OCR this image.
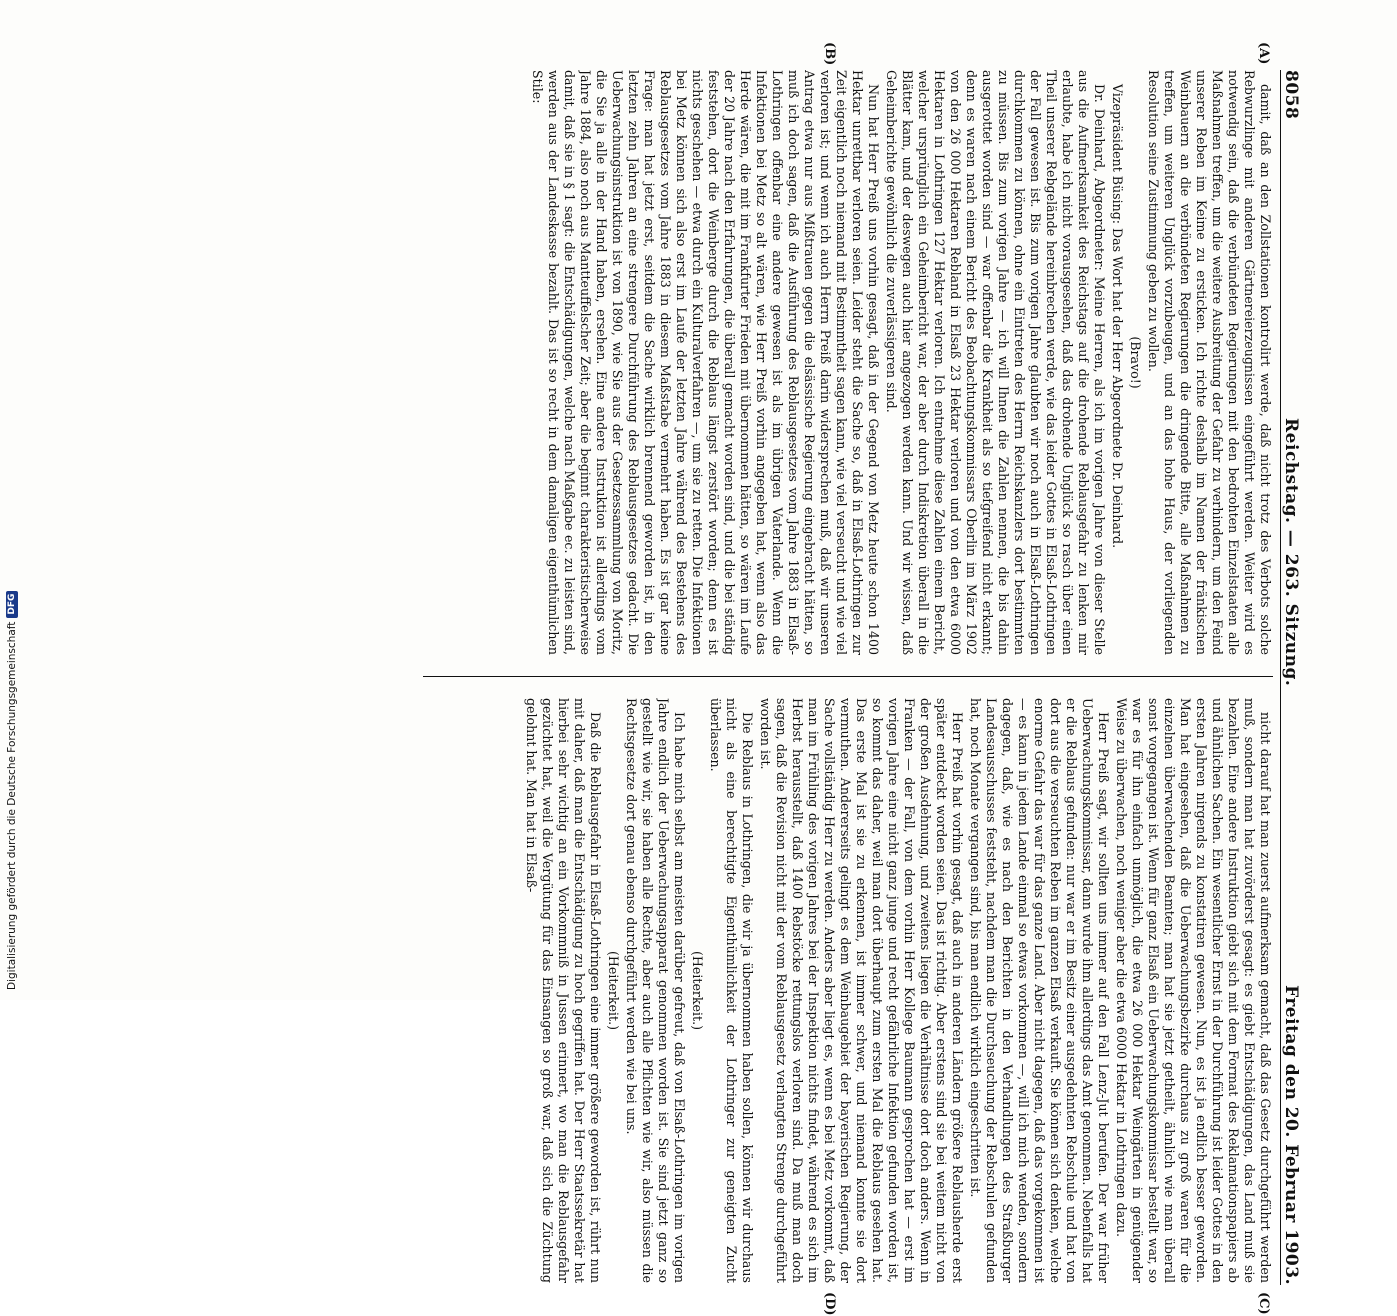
8058
Reichstag. — 263. Sitzung.
Freitag den 20. Februar 1903.

damit, daß an den Zollstationen kontrolirt werde, daß nicht trotz des Verbots solche Rebwurzlinge mit anderen Gärtnereierzeugnissen eingeführt werden. Weiter wird es notwendig sein, daß die verbündeten Regierungen mit den bedrohten Einzelstaaten alle Maßnahmen treffen, um die weitere Ausbreitung der Gefahr zu verhindern, um den Feind unserer Reben im Keime zu ersticken. Ich richte deshalb im Namen der fränkischen Weinbauern an die verbündeten Regierungen die dringende Bitte, alle Maßnahmen zu treffen, um weiteren Unglück vorzubeugen, und an das hohe Haus, der vorliegenden Resolution seine Zustimmung geben zu wollen.

(Bravo!)

Vizepräsident Büsing: Das Wort hat der Herr Abgeordnete Dr. Deinhard.

Dr. Deinhard, Abgeordneter: Meine Herren, als ich im vorigen Jahre von dieser Stelle aus die Aufmerksamkeit des Reichstags auf die drohende Reblausgefahr zu lenken mir erlaubte, habe ich nicht vorausgesehen, daß das drohende Unglück so rasch über einen Theil unserer Rebgelände hereinbrechen werde, wie das leider Gottes in Elsaß-Lothringen der Fall gewesen ist. Bis zum vorigen Jahre glaubten wir noch auch in Elsaß-Lothringen durchkommen zu können, ohne ein Eintreten des Herrn Reichskanzlers dort bestimmten zu müssen. Bis zum vorigen Jahre — ich will Ihnen die Zahlen nennen, die bis dahin ausgerottet worden sind — war offenbar die Krankheit als so tiefgreifend nicht erkannt; denn es waren nach einem Bericht des Beobachtungskommissars Oberlin im März 1902 von den 26 000 Hektaren Rebland in Elsaß 23 Hektar verloren und von den etwa 6000 Hektaren in Lothringen 127 Hektar verloren. Ich entnehme diese Zahlen einem Bericht, welcher ursprünglich ein Geheimbericht war, der aber durch Indiskretion überall in die Blätter kam, und der deswegen auch hier angezogen werden kann. Und wir wissen, daß Geheimberichte gewöhnlich die zuverlässigeren sind.

Nun hat Herr Preiß uns vorhin gesagt, daß in der Gegend von Metz heute schon 1400 Hektar unrettbar verloren seien. Leider steht die Sache so, daß in Elsaß-Lothringen zur Zeit eigentlich noch niemand mit Bestimmtheit sagen kann, wie viel verseucht und wie viel verloren ist; und wenn ich auch Herrn Preiß darin widersprechen muß, daß wir unseren Antrag etwa nur aus Mißtrauen gegen die elsässische Regierung eingebracht hätten, so muß ich doch sagen, daß die Ausführung des Reblausgesetzes vom Jahre 1883 in Elsaß-Lothringen offenbar eine andere gewesen ist als im übrigen Vaterlande. Wenn die Infektionen bei Metz so alt wären, wie Herr Preiß vorhin angegeben hat, wenn also das Herde wären, die mit im Frankfurter Frieden mit übernommen hätten, so wären im Laufe der 20 Jahre nach den Erfahrungen, die überall gemacht worden sind, und die bei ständig feststehen, dort die Weinberge durch die Reblaus längst zerstört worden; denn es ist nichts geschehen — etwa durch ein Kulturalverfahren —, um sie zu retten. Die Infektionen bei Metz können sich also erst im Laufe der letzten Jahre während des Bestehens des Reblausgesetzes vom Jahre 1883 in diesem Maßstabe vermehrt haben. Es ist gar keine Frage: man hat jetzt erst, seitdem die Sache wirklich brennend geworden ist, in den letzten zehn Jahren an eine strengere Durchführung des Reblausgesetzes gedacht. Die Ueberwachungsinstruktion ist von 1890, wie Sie aus der Gesetzessammlung von Moritz, die Sie ja alle in der Hand haben, ersehen. Eine andere Instruktion ist allerdings vom Jahre 1884, also noch aus Mantteuffelscher Zeit; aber die beginnt charakteristischerweise damit, daß sie in § 1 sagt: die Entschädigungen, welche nach Maßgabe ec. zu leisten sind, werden aus der Landeskasse bezahlt. Das ist so recht in dem damaligen eigenthümlichen Stile:

nicht darauf hat man zuerst aufmerksam gemacht, daß das Gesetz durchgeführt werden muß, sondern man hat zuvörderst gesagt: es giebt Entschädigungen, das Land muß sie bezahlen. Eine andere Instruktion giebt sich mit dem Format des Reklamationspapiers ab und ähnlichen Sachen. Ein wesentlicher Ernst in der Durchführung ist leider Gottes in den ersten Jahren nirgends zu konstatiren gewesen. Nun, es ist ja endlich besser geworden. Man hat eingesehen, daß die Ueberwachungsbezirke durchaus zu groß waren für die einzelnen überwachenden Beamten; man hat sie jetzt getheilt, ähnlich wie man überall sonst vorgegangen ist. Wenn für ganz Elsaß ein Ueberwachungskommissar bestellt war, so war es für ihn einfach unmöglich, die etwa 26 000 Hektar Weingärten in genügender Weise zu überwachen, noch weniger aber die etwa 6000 Hektar in Lothringen dazu.

Herr Preiß sagt, wir sollten uns immer auf den Fall Lenz-Jut berufen. Der war früher Ueberwachungskommissar, dann wurde ihm allerdings das Amt genommen. Nebenfalls hat er die Reblaus gefunden: nur war er im Besitz einer ausgedehnten Rebschule und hat von dort aus die verseuchten Reben im ganzen Elsaß verkauft. Sie können sich denken, welche enorme Gefahr das war für das ganze Land. Aber nicht dagegen, daß das vorgekommen ist — es kann in jedem Lande einmal so etwas vorkommen —, will ich mich wenden, sondern dagegen, daß, wie es nach den Berichten in den Verhandlungen des Straßburger Landesausschusses feststeht, nachdem man die Durchseuchung der Rebschulen gefunden hat, noch Monate vergangen sind, bis man endlich wirklich eingeschritten ist.

Herr Preiß hat vorhin gesagt, daß auch in anderen Ländern größere Reblausherde erst später entdeckt worden seien. Das ist richtig. Aber erstens sind sie bei weitem nicht von der großen Ausdehnung, und zweitens liegen die Verhältnisse dort doch anders. Wenn in Franken — der Fall, von dem vorhin Herr Kollege Baumann gesprochen hat — erst im vorigen Jahre eine nicht ganz junge und recht gefährliche Infektion gefunden worden ist, so kommt das daher, weil man dort überhaupt zum ersten Mal die Reblaus gesehen hat. Das erste Mal ist sie zu erkennen, ist immer schwer, und niemand konnte sie dort vermuthen. Andererseits gelingt es dem Weinbaugebiet der bayerischen Regierung, der Sache vollständig Herr zu werden. Anders aber liegt es, wenn es bei Metz vorkommt, daß man im Frühling des vorigen Jahres bei der Inspektion nichts findet, während es sich im Herbst herausstellt, daß 1400 Rebstöcke rettungslos verloren sind. Da muß man doch sagen, daß die Revision nicht mit der vom Reblausgesetz verlangten Strenge durchgeführt worden ist.

Die Reblaus in Lothringen, die wir ja übernommen haben sollen, können wir durchaus nicht als eine berechtigte Eigenthümlichkeit der Lothringer zur geneigten Zucht überlassen.

(Heiterkeit.)

Ich habe mich selbst am meisten darüber gefreut, daß von Elsaß-Lothringen im vorigen Jahre endlich der Ueberwachungsapparat genommen worden ist. Sie sind jetzt ganz so gestellt wie wir, sie haben alle Rechte, aber auch alle Pflichten wie wir, also müssen die Rechtsgesetze dort genau ebenso durchgeführt werden wie bei uns.

(Heiterkeit.)

Daß die Reblausgefahr in Elsaß-Lothringen eine immer größere geworden ist, rührt nun mit daher, daß man die Entschädigung zu hoch gegriffen hat. Der Herr Staatssekretär hat hierbei sehr wichtig an ein Vorkommniß in Jussen erinnert, wo man die Reblausgefahr gezüchtet hat, weil die Vergütung für das Einsangen so groß war, daß sich die Züchtung gelohnt hat. Man hat in Elsaß-

(A)
(B)
(C)
(D)
Digitalisierung gefördert durch die Deutsche Forschungsgemeinschaft
DFG
